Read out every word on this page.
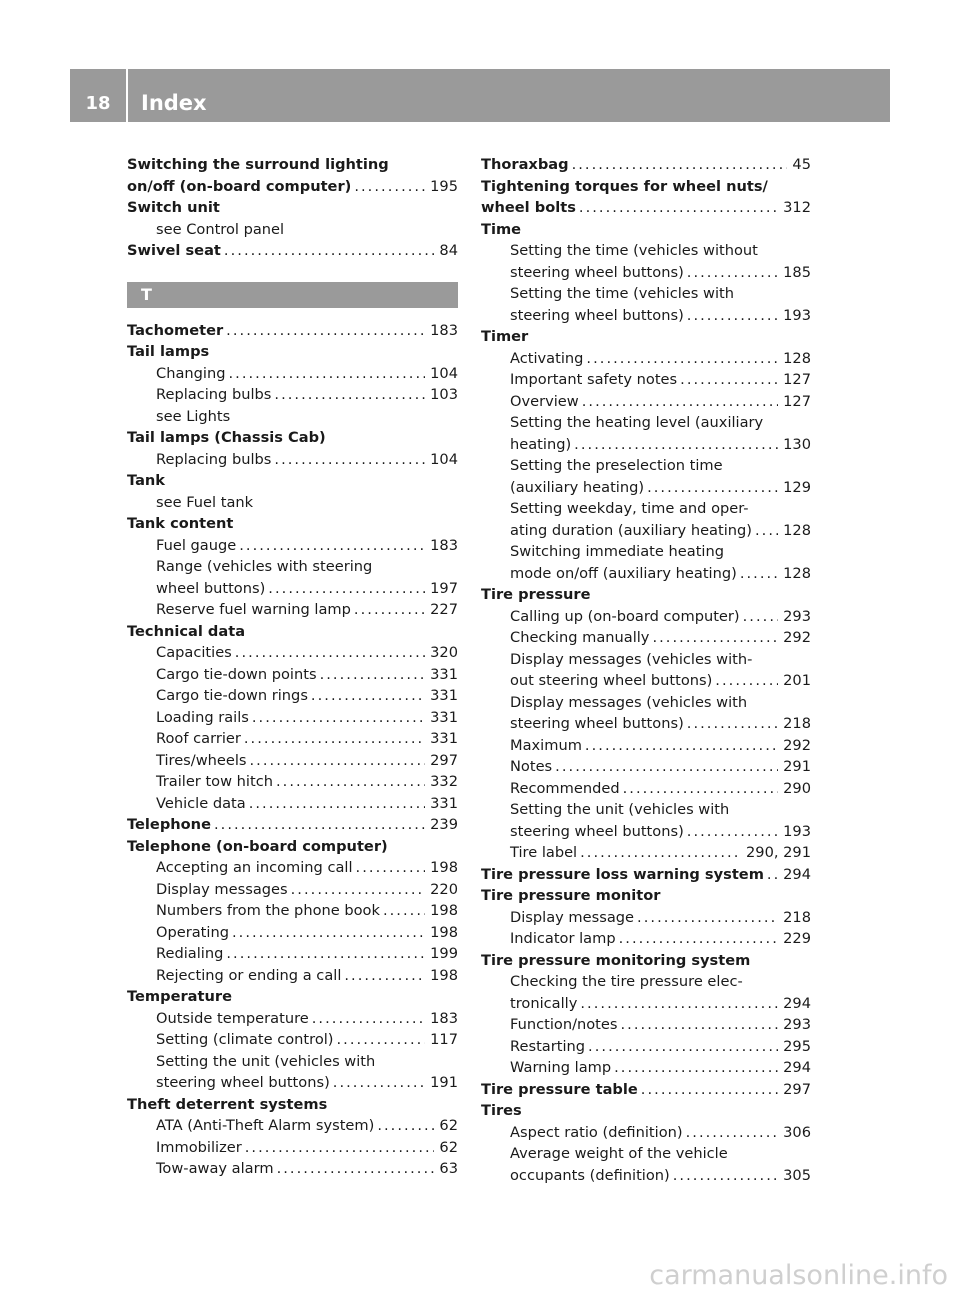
18	Index
Switching the surround lighting
on/off (on-board computer) . . .	195
Switch unit
see Control panel
Swivel seat . . .	84
T
Tachometer . . .	183
Tail lamps
Changing . . .	104
Replacing bulbs . . .	103
see Lights
Tail lamps (Chassis Cab)
Replacing bulbs . . .	104
Tank
see Fuel tank
Tank content
Fuel gauge . . .	183
Range (vehicles with steering
wheel buttons) . . .	197
Reserve fuel warning lamp . . .	227
Technical data
Capacities . . .	320
Cargo tie-down points . . .	331
Cargo tie-down rings . . .	331
Loading rails . . .	331
Roof carrier . . .	331
Tires/wheels . . .	297
Trailer tow hitch . . .	332
Vehicle data . . .	331
Telephone . . .	239
Telephone (on-board computer)
Accepting an incoming call . . .	198
Display messages . . .	220
Numbers from the phone book . . .	198
Operating . . .	198
Redialing . . .	199
Rejecting or ending a call . . .	198
Temperature
Outside temperature . . .	183
Setting (climate control) . . .	117
Setting the unit (vehicles with
steering wheel buttons) . . .	191
Theft deterrent systems
ATA (Anti-Theft Alarm system) . . .	62
Immobilizer . . .	62
Tow-away alarm . . .	63
Thoraxbag . . .	45
Tightening torques for wheel nuts/
wheel bolts . . .	312
Time
Setting the time (vehicles without
steering wheel buttons) . . .	185
Setting the time (vehicles with
steering wheel buttons) . . .	193
Timer
Activating . . .	128
Important safety notes . . .	127
Overview . . .	127
Setting the heating level (auxiliary
heating) . . .	130
Setting the preselection time
(auxiliary heating) . . .	129
Setting weekday, time and oper-
ating duration (auxiliary heating) . . . 128
Switching immediate heating
mode on/off (auxiliary heating) . . .	128
Tire pressure
Calling up (on-board computer) . . .	293
Checking manually . . .	292
Display messages (vehicles with-
out steering wheel buttons) . . .	201
Display messages (vehicles with
steering wheel buttons) . . .	218
Maximum . . .	292
Notes . . .	291
Recommended . . .	290
Setting the unit (vehicles with
steering wheel buttons) . . .	193
Tire label . . .	290, 291
Tire pressure loss warning system . . . 294
Tire pressure monitor
Display message . . .	218
Indicator lamp . . .	229
Tire pressure monitoring system
Checking the tire pressure elec-
tronically . . .	294
Function/notes . . .	293
Restarting . . .	295
Warning lamp . . .	294
Tire pressure table . . .	297
Tires
Aspect ratio (definition) . . .	306
Average weight of the vehicle
occupants (definition) . . .	305
carmanualsonline.info
